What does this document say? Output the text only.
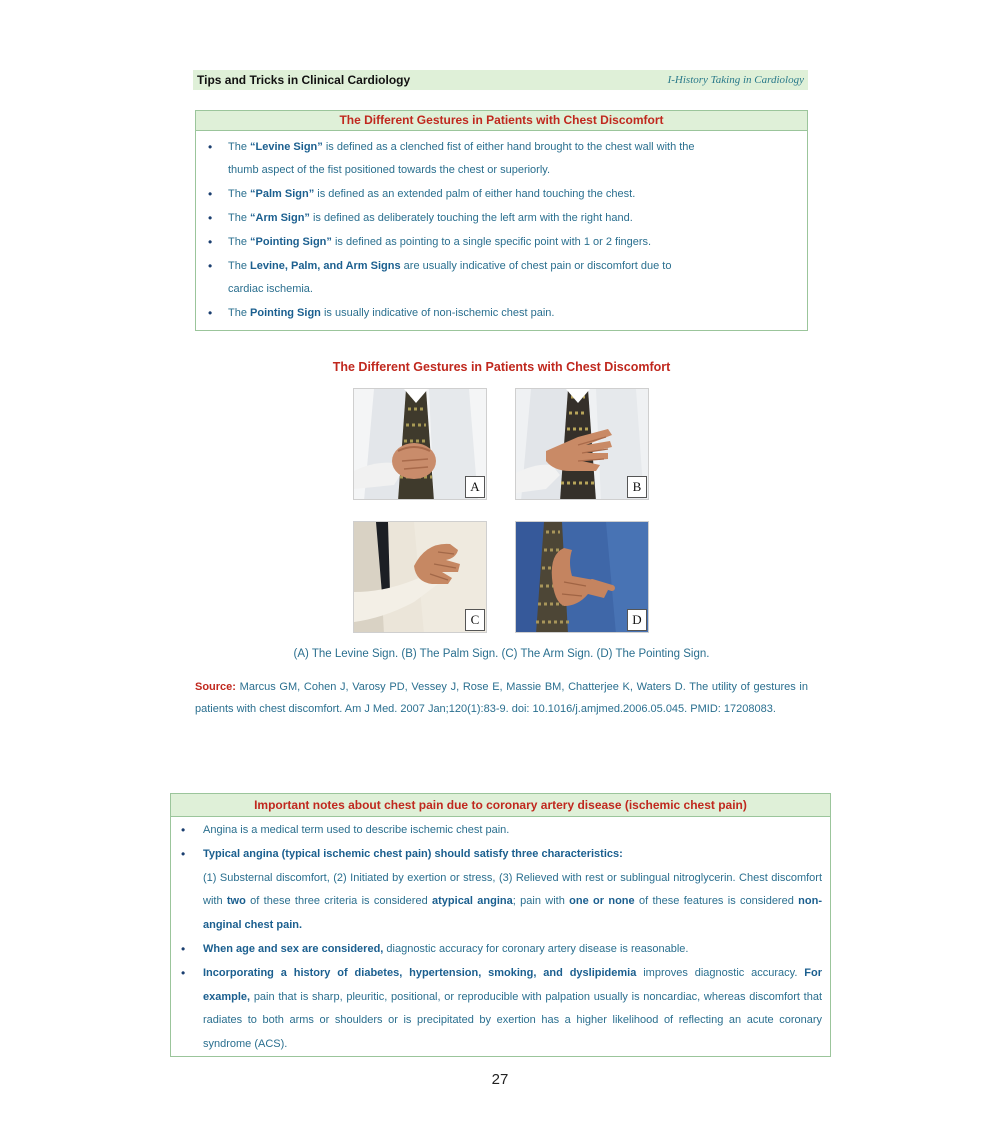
Tips and Tricks in Clinical Cardiology	I-History Taking in Cardiology
The Different Gestures in Patients with Chest Discomfort
• The “Levine Sign” is defined as a clenched fist of either hand brought to the chest wall with the
thumb aspect of the fist positioned towards the chest or superiorly.
• The “Palm Sign” is defined as an extended palm of either hand touching the chest.
• The “Arm Sign” is defined as deliberately touching the left arm with the right hand.
• The “Pointing Sign” is defined as pointing to a single specific point with 1 or 2 fingers.
• The Levine, Palm, and Arm Signs are usually indicative of chest pain or discomfort due to
cardiac ischemia.
• The Pointing Sign is usually indicative of non-ischemic chest pain.
The Different Gestures in Patients with Chest Discomfort
A	B
C	D
(A) The Levine Sign. (B) The Palm Sign. (C) The Arm Sign. (D) The Pointing Sign.
Source: Marcus GM, Cohen J, Varosy PD, Vessey J, Rose E, Massie BM, Chatterjee K, Waters D. The utility of gestures in patients with chest discomfort. Am J Med. 2007 Jan;120(1):83-9. doi: 10.1016/j.amjmed.2006.05.045. PMID: 17208083.
Important notes about chest pain due to coronary artery disease (ischemic chest pain)
• Angina is a medical term used to describe ischemic chest pain.
• Typical angina (typical ischemic chest pain) should satisfy three characteristics:
(1) Substernal discomfort, (2) Initiated by exertion or stress, (3) Relieved with rest or sublingual nitroglycerin. Chest discomfort with two of these three criteria is considered atypical angina; pain with one or none of these features is considered non-anginal chest pain.
• When age and sex are considered, diagnostic accuracy for coronary artery disease is reasonable.
• Incorporating a history of diabetes, hypertension, smoking, and dyslipidemia improves diagnostic accuracy. For example, pain that is sharp, pleuritic, positional, or reproducible with palpation usually is noncardiac, whereas discomfort that radiates to both arms or shoulders or is precipitated by exertion has a higher likelihood of reflecting an acute coronary syndrome (ACS).
27
